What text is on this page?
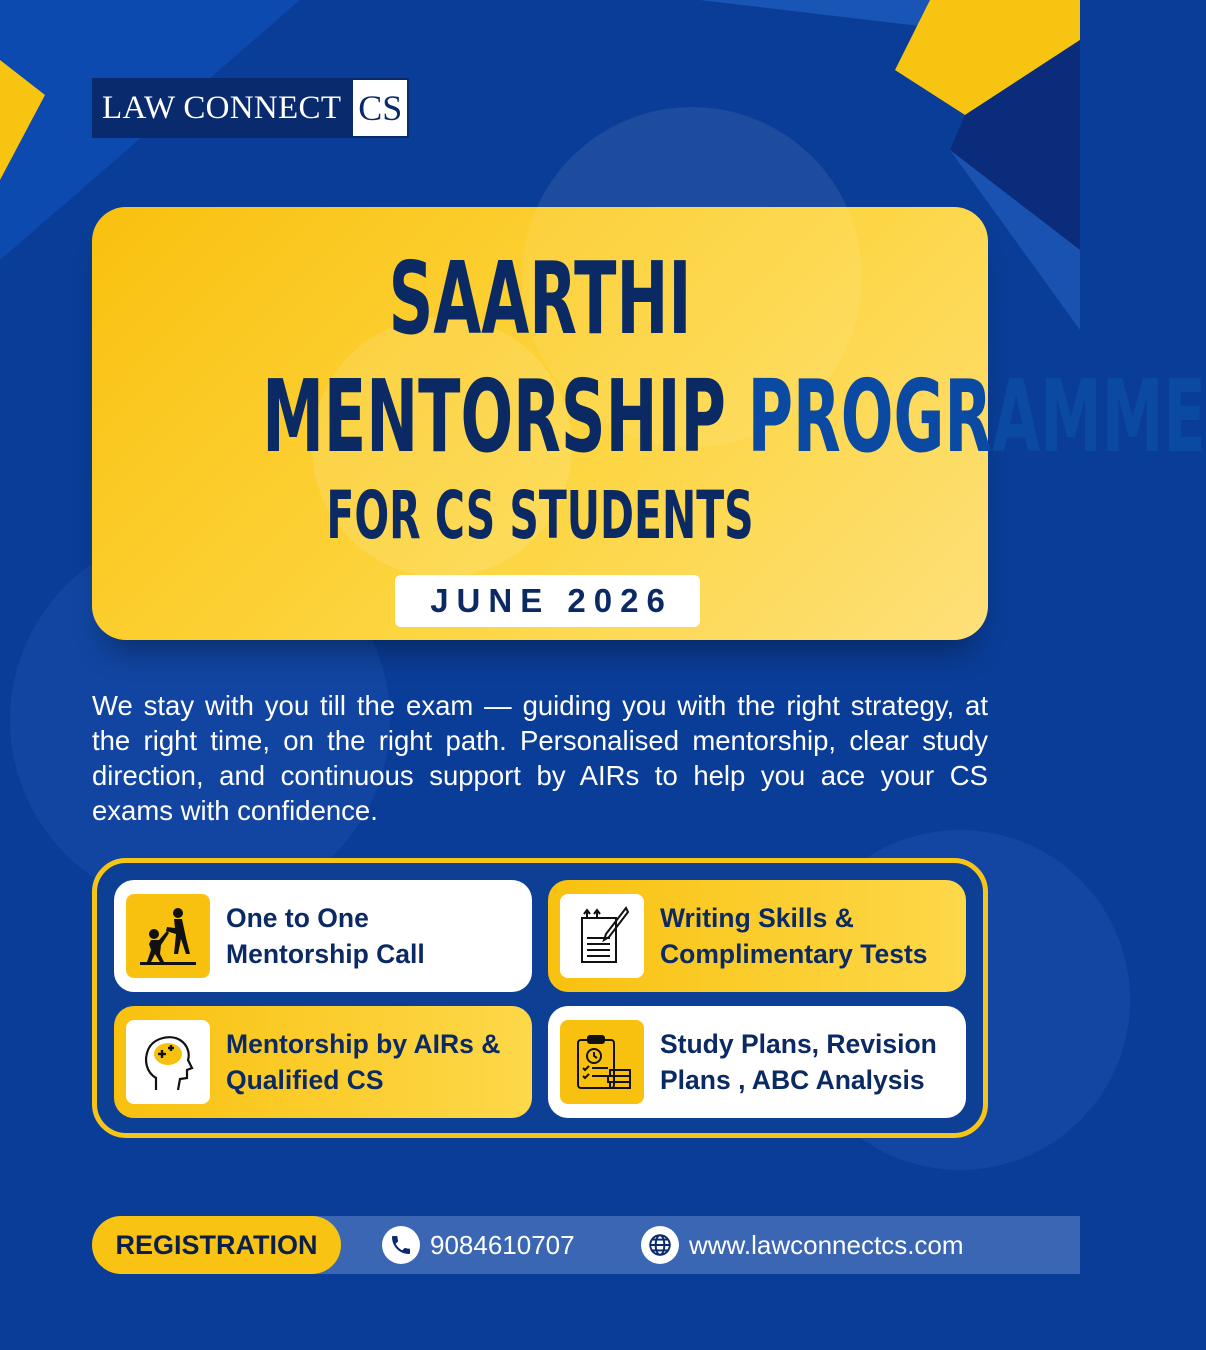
LAW CONNECT CS

SAARTHI

MENTORSHIP PROGRAMME

FOR CS STUDENTS

JUNE 2026

We stay with you till the exam — guiding you with the right strategy, at the right time, on the right path. Personalised mentorship, clear study direction, and continuous support by AIRs to help you ace your CS exams with confidence.

One to One
Mentorship Call
Writing Skills &
Complimentary Tests
Mentorship by AIRs &
Qualified CS
Study Plans, Revision
Plans , ABC Analysis
REGISTRATION	9084610707	www.lawconnectcs.com
